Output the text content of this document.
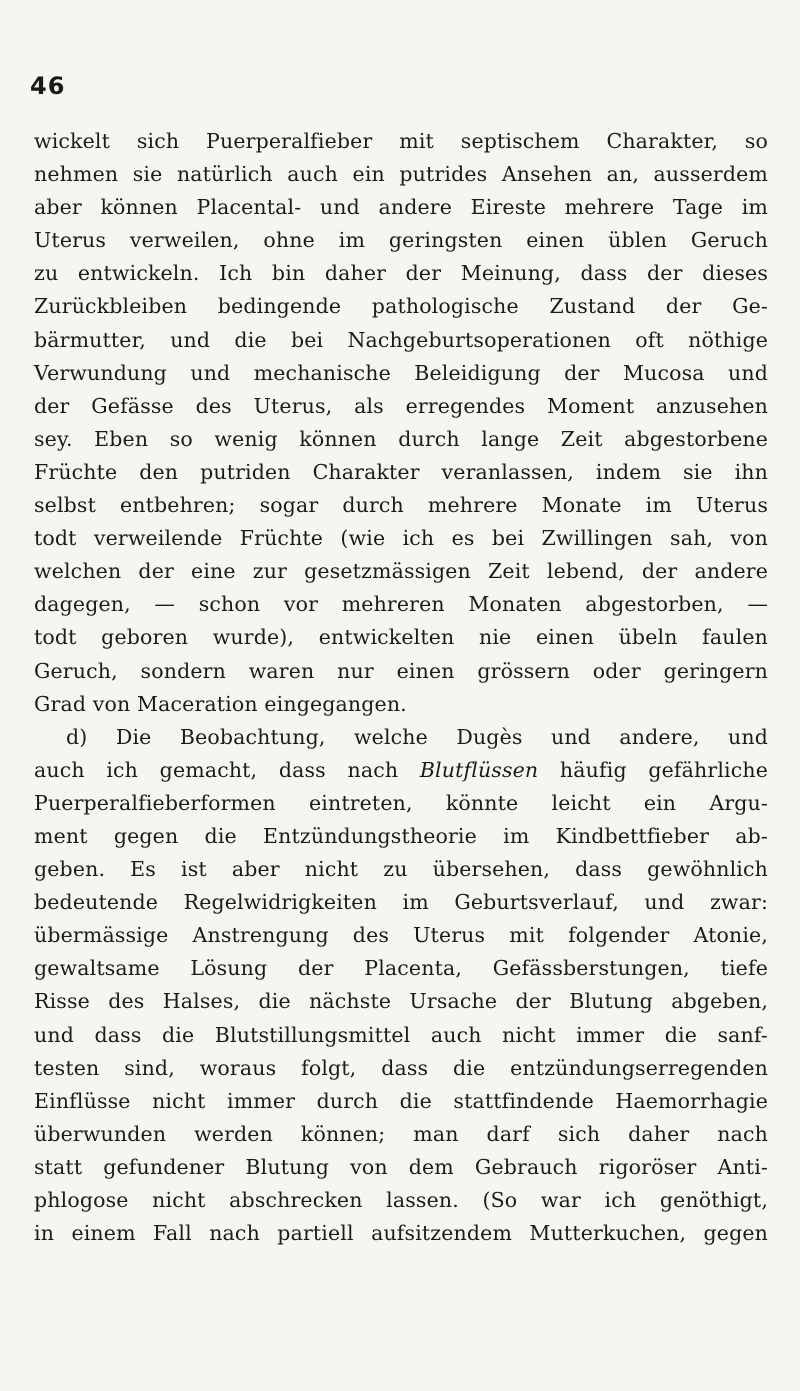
46
wickelt sich Puerperalfieber mit septischem Charakter, so
nehmen sie natürlich auch ein putrides Ansehen an, ausserdem
aber können Placental- und andere Eireste mehrere Tage im
Uterus verweilen, ohne im geringsten einen üblen Geruch
zu entwickeln. Ich bin daher der Meinung, dass der dieses
Zurückbleiben bedingende pathologische Zustand der Ge-
bärmutter, und die bei Nachgeburtsoperationen oft nöthige
Verwundung und mechanische Beleidigung der Mucosa und
der Gefässe des Uterus, als erregendes Moment anzusehen
sey. Eben so wenig können durch lange Zeit abgestorbene
Früchte den putriden Charakter veranlassen, indem sie ihn
selbst entbehren; sogar durch mehrere Monate im Uterus
todt verweilende Früchte (wie ich es bei Zwillingen sah, von
welchen der eine zur gesetzmässigen Zeit lebend, der andere
dagegen, — schon vor mehreren Monaten abgestorben, —
todt geboren wurde), entwickelten nie einen übeln faulen
Geruch, sondern waren nur einen grössern oder geringern
Grad von Maceration eingegangen.
d) Die Beobachtung, welche Dugès und andere, und
auch ich gemacht, dass nach Blutflüssen häufig gefährliche
Puerperalfieberformen eintreten, könnte leicht ein Argu-
ment gegen die Entzündungstheorie im Kindbettfieber ab-
geben. Es ist aber nicht zu übersehen, dass gewöhnlich
bedeutende Regelwidrigkeiten im Geburtsverlauf, und zwar:
übermässige Anstrengung des Uterus mit folgender Atonie,
gewaltsame Lösung der Placenta, Gefässberstungen, tiefe
Risse des Halses, die nächste Ursache der Blutung abgeben,
und dass die Blutstillungsmittel auch nicht immer die sanf-
testen sind, woraus folgt, dass die entzündungserregenden
Einflüsse nicht immer durch die stattfindende Haemorrhagie
überwunden werden können; man darf sich daher nach
statt gefundener Blutung von dem Gebrauch rigoröser Anti-
phlogose nicht abschrecken lassen. (So war ich genöthigt,
in einem Fall nach partiell aufsitzendem Mutterkuchen, gegen
